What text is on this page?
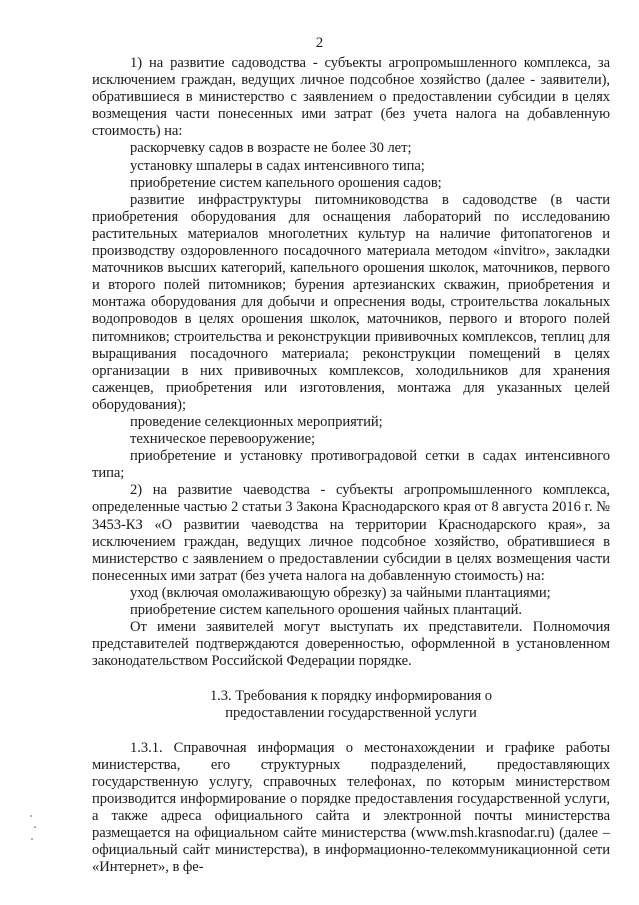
2

1) на развитие садоводства - субъекты агропромышленного комплекса, за исключением граждан, ведущих личное подсобное хозяйство (далее - заявители), обратившиеся в министерство с заявлением о предоставлении субсидии в целях возмещения части понесенных ими затрат (без учета налога на добавленную стоимость) на:

раскорчевку садов в возрасте не более 30 лет;

установку шпалеры в садах интенсивного типа;

приобретение систем капельного орошения садов;

развитие инфраструктуры питомниководства в садоводстве (в части приобретения оборудования для оснащения лабораторий по исследованию растительных материалов многолетних культур на наличие фитопатогенов и производству оздоровленного посадочного материала методом «invitro», закладки маточников высших категорий, капельного орошения школок, маточников, первого и второго полей питомников; бурения артезианских скважин, приобретения и монтажа оборудования для добычи и опреснения воды, строительства локальных водопроводов в целях орошения школок, маточников, первого и второго полей питомников; строительства и реконструкции прививочных комплексов, теплиц для выращивания посадочного материала; реконструкции помещений в целях организации в них прививочных комплексов, холодильников для хранения саженцев, приобретения или изготовления, монтажа для указанных целей оборудования);

проведение селекционных мероприятий;

техническое перевооружение;

приобретение и установку противоградовой сетки в садах интенсивного типа;

2) на развитие чаеводства - субъекты агропромышленного комплекса, определенные частью 2 статьи 3 Закона Краснодарского края от 8 августа 2016 г. № 3453-КЗ «О развитии чаеводства на территории Краснодарского края», за исключением граждан, ведущих личное подсобное хозяйство, обратившиеся в министерство с заявлением о предоставлении субсидии в целях возмещения части понесенных ими затрат (без учета налога на добавленную стоимость) на:

уход (включая омолаживающую обрезку) за чайными плантациями;

приобретение систем капельного орошения чайных плантаций.

От имени заявителей могут выступать их представители. Полномочия представителей подтверждаются доверенностью, оформленной в установленном законодательством Российской Федерации порядке.

1.3. Требования к порядку информирования о
предоставлении государственной услуги

1.3.1. Справочная информация о местонахождении и графике работы министерства, его структурных подразделений, предоставляющих государственную услугу, справочных телефонах, по которым министерством производится информирование о порядке предоставления государственной услуги, а также адреса официального сайта и электронной почты министерства размещается на официальном сайте министерства (www.msh.krasnodar.ru) (далее – официальный сайт министерства), в информационно-телекоммуникационной сети «Интернет», в фе-
